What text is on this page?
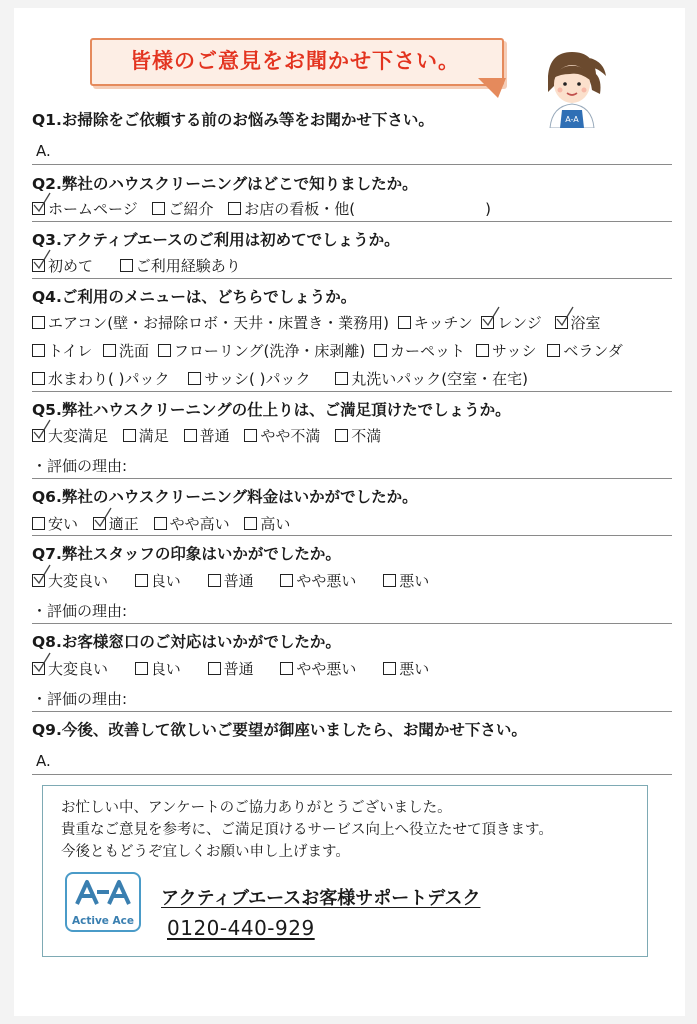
皆様のご意見をお聞かせ下さい。
A-A
Q1.お掃除をご依頼する前のお悩み等をお聞かせ下さい。
A.
Q2.弊社のハウスクリーニングはどこで知りましたか。
ホームページ ご紹介 お店の看板・他(	)
Q3.アクティブエースのご利用は初めてでしょうか。
初めて	ご利用経験あり
Q4.ご利用のメニューは、どちらでしょうか。
エアコン(壁・お掃除ロボ・天井・床置き・業務用) キッチン レンジ 浴室
トイレ 洗面 フローリング(洗浄・床剥離) カーペット サッシ ベランダ
水まわり( )パック サッシ( )パック	丸洗いパック(空室・在宅)
Q5.弊社ハウスクリーニングの仕上りは、ご満足頂けたでしょうか。
大変満足 満足 普通 やや不満 不満
・評価の理由:
Q6.弊社のハウスクリーニング料金はいかがでしたか。
安い 適正 やや高い 高い
Q7.弊社スタッフの印象はいかがでしたか。
大変良い	良い	普通	やや悪い	悪い
・評価の理由:
Q8.お客様窓口のご対応はいかがでしたか。
大変良い	良い	普通	やや悪い	悪い
・評価の理由:
Q9.今後、改善して欲しいご要望が御座いましたら、お聞かせ下さい。
A.
お忙しい中、アンケートのご協力ありがとうございました。
貴重なご意見を参考に、ご満足頂けるサービス向上へ役立たせて頂きます。
今後ともどうぞ宜しくお願い申し上げます。
Active Ace
アクティブエースお客様サポートデスク
0120-440-929
